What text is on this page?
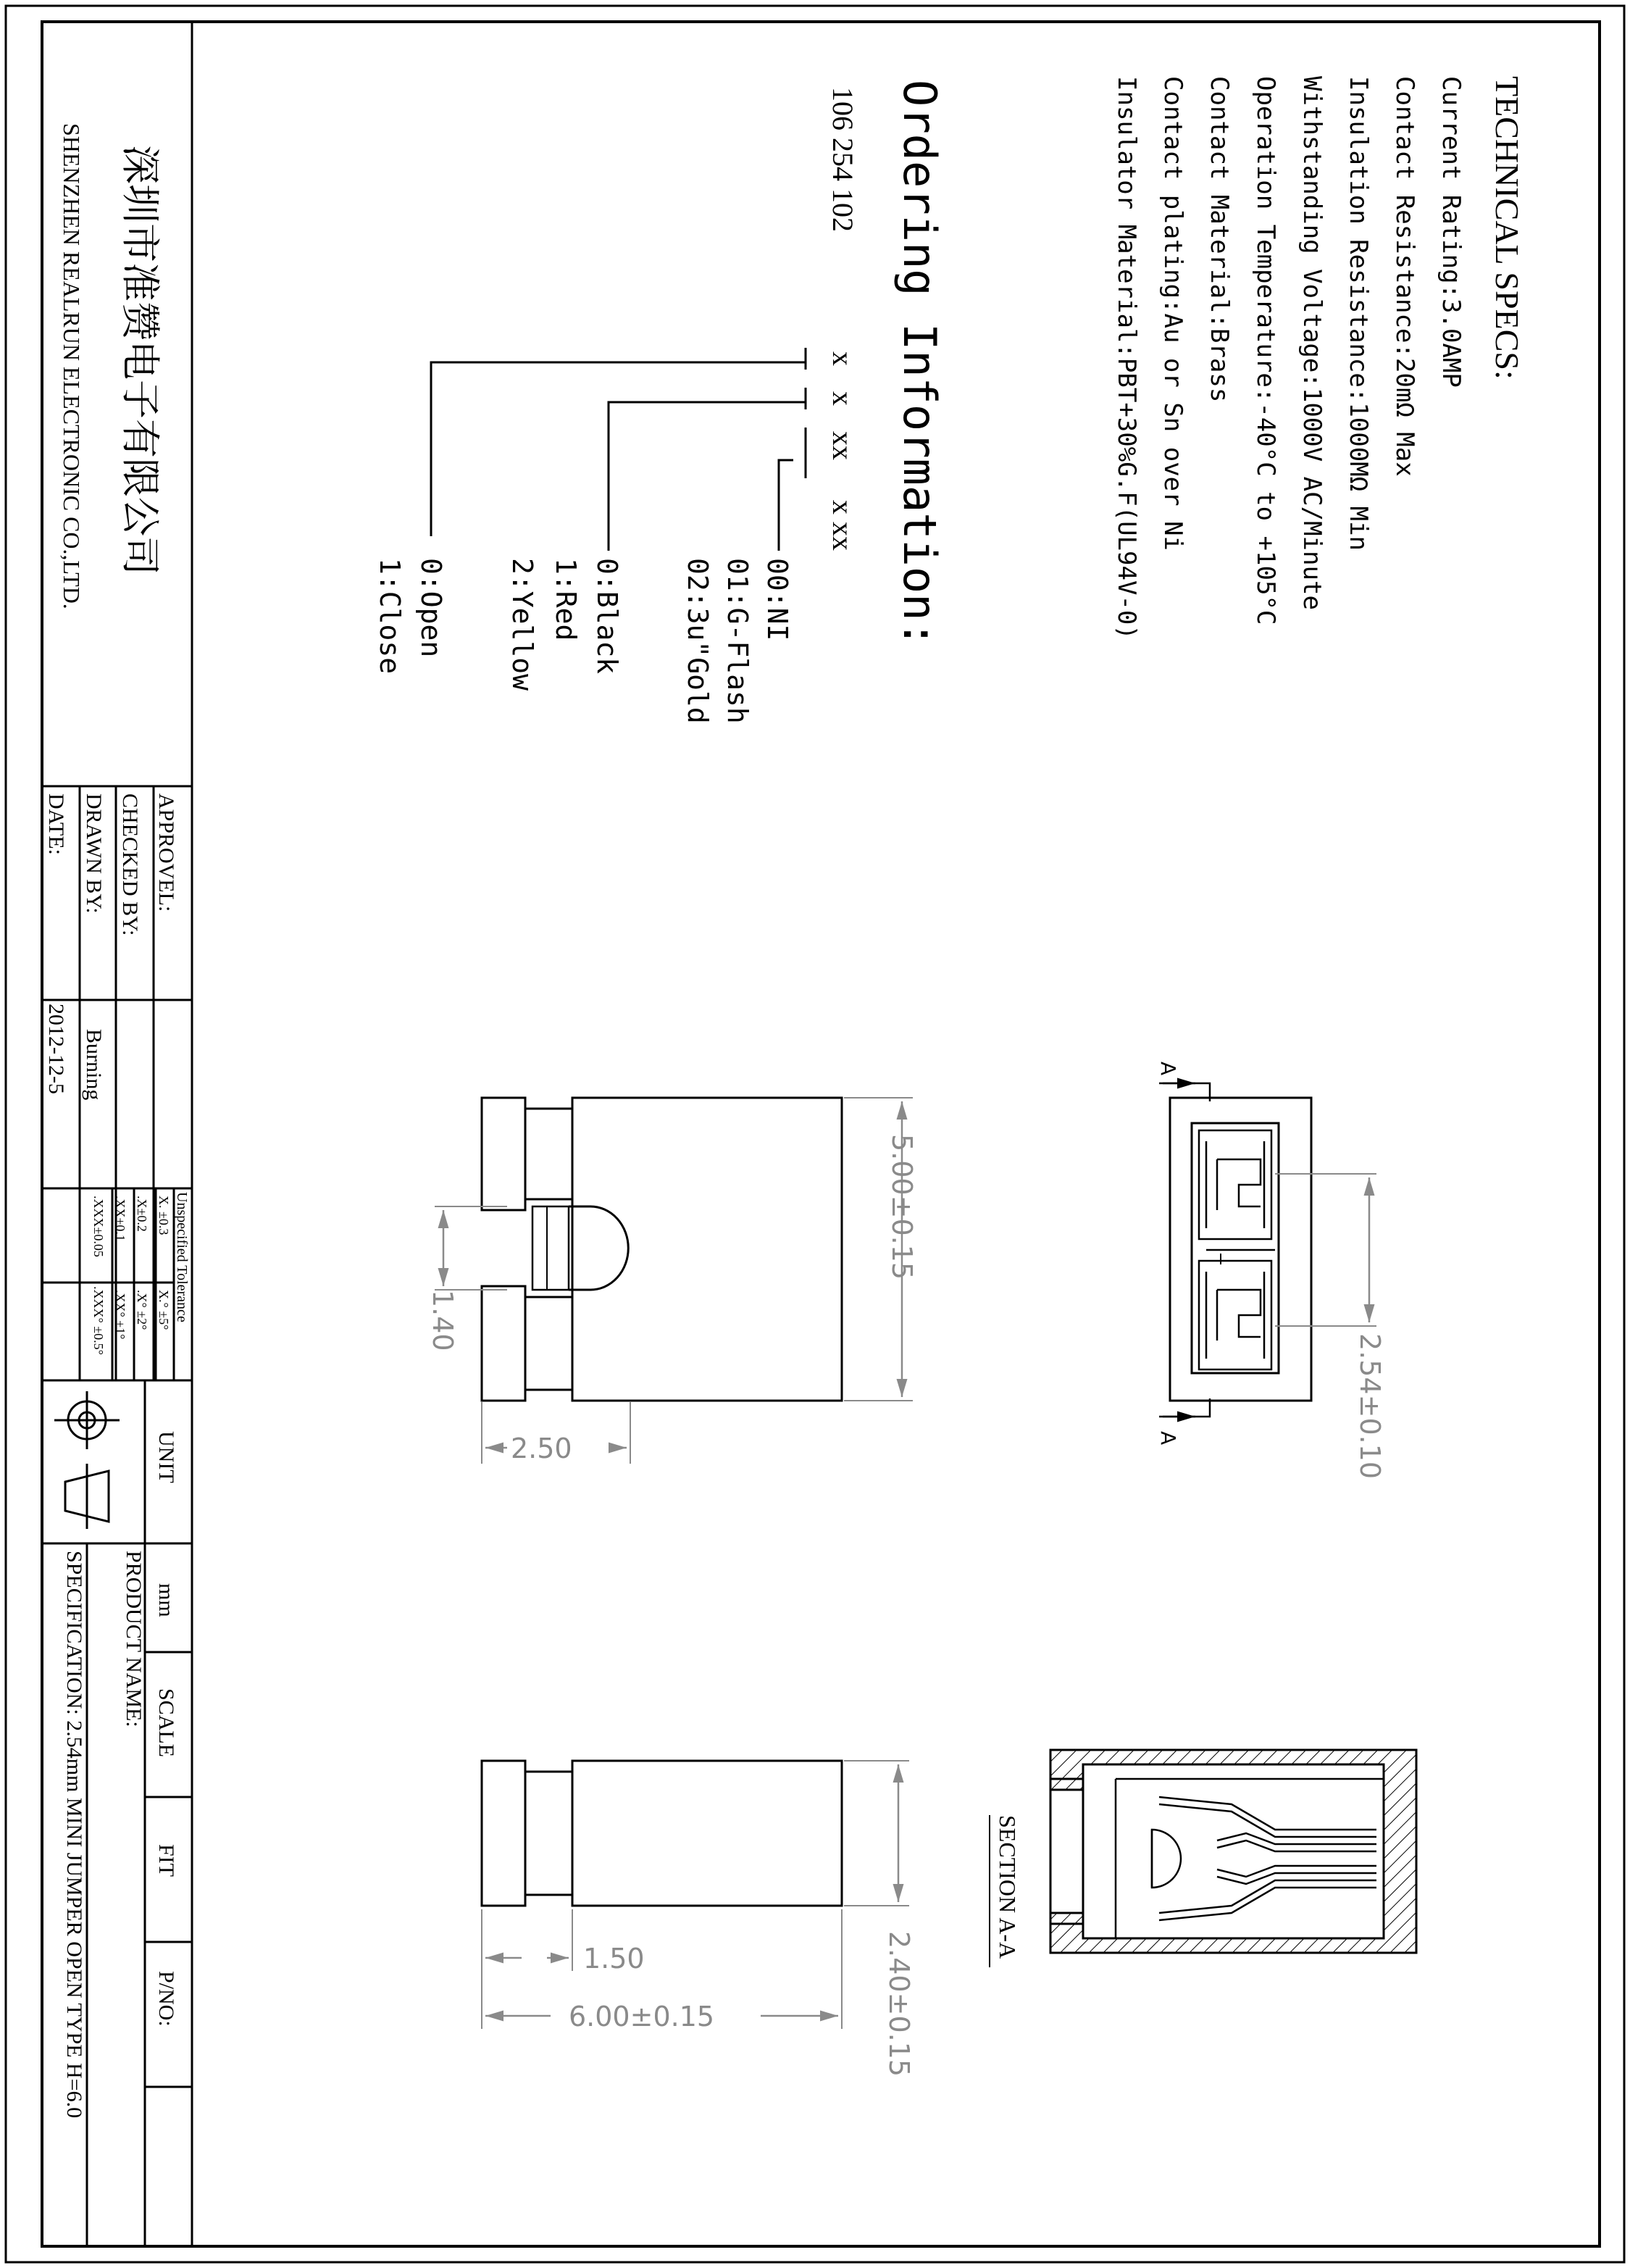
TECHNICAL SPECS:
Current Rating:3.0AMP
Contact Resistance:20mΩ Max
Insulation Resistance:1000MΩ Min
Withstanding Voltage:1000V AC/Minute
Operation Temperature:-40°C to +105°C
Contact Material:Brass
Contact plating:Au or Sn over Ni
Insulator Material:PBT+30%G.F(UL94V-0)
Ordering Information:
106 254 102
x
x
xx
x xx
00:NI
01:G-Flash
02:3u"Gold
0:Black
1:Red
2:Yellow
0:Open
1:Close
A
A	2.54±0.10
5.00±0.15
1.40
2.50
2.40±0.15
1.50
6.00±0.15
SECTION A-A
深圳市准赞电子有限公司
SHENZHEN REALRUN ELECTRONIC CO.,LTD.
APPROVEL:
CHECKED BY:
DRAWN BY:
DATE:
Burning
2012-12-5
Unspecified Tolerance
X. ±0.3
X.° ±5°
.X±0.2
.X° ±2°
.XX±0.1
.XX° ±1°
.XXX±0.05
.XXX° ±0.5°
UNIT
mm
SCALE
FIT
P/NO:
PRODUCT NAME:
SPECIFICATION: 2.54mm MINI JUMPER OPEN TYPE H=6.0
